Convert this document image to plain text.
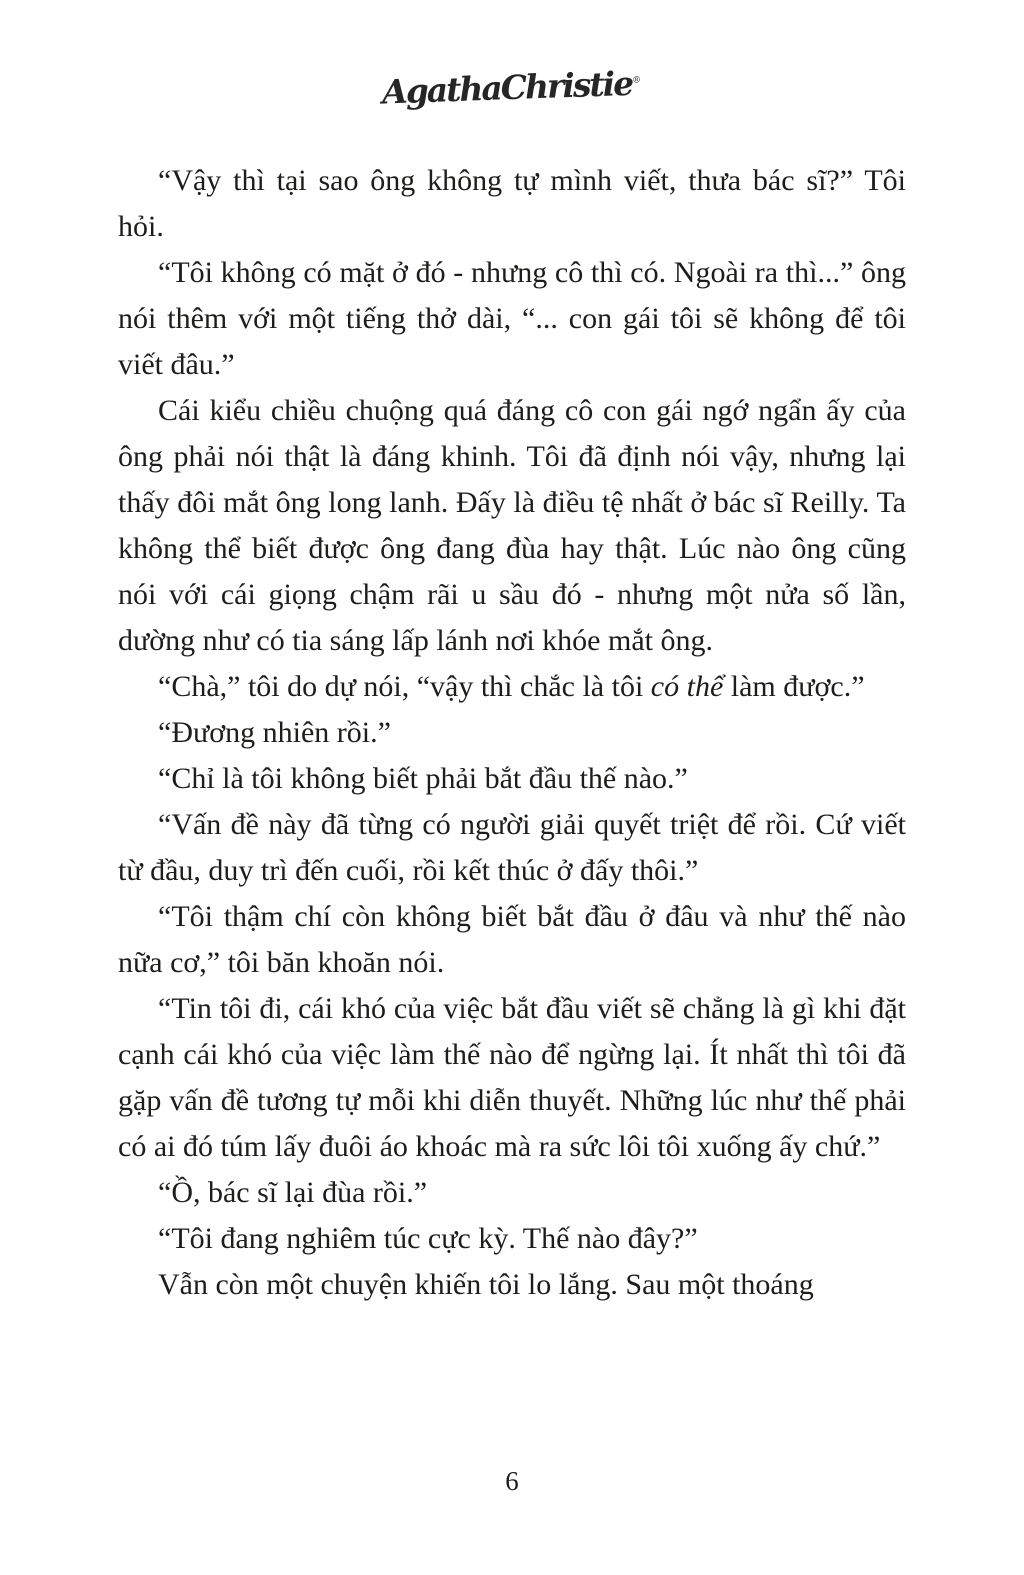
AgathaChristie®

“Vậy thì tại sao ông không tự mình viết, thưa bác sĩ?” Tôi hỏi.

“Tôi không có mặt ở đó - nhưng cô thì có. Ngoài ra thì...” ông nói thêm với một tiếng thở dài, “... con gái tôi sẽ không để tôi viết đâu.”

Cái kiểu chiều chuộng quá đáng cô con gái ngớ ngẩn ấy của ông phải nói thật là đáng khinh. Tôi đã định nói vậy, nhưng lại thấy đôi mắt ông long lanh. Đấy là điều tệ nhất ở bác sĩ Reilly. Ta không thể biết được ông đang đùa hay thật. Lúc nào ông cũng nói với cái giọng chậm rãi u sầu đó - nhưng một nửa số lần, dường như có tia sáng lấp lánh nơi khóe mắt ông.

“Chà,” tôi do dự nói, “vậy thì chắc là tôi có thể làm được.”

“Đương nhiên rồi.”

“Chỉ là tôi không biết phải bắt đầu thế nào.”

“Vấn đề này đã từng có người giải quyết triệt để rồi. Cứ viết từ đầu, duy trì đến cuối, rồi kết thúc ở đấy thôi.”

“Tôi thậm chí còn không biết bắt đầu ở đâu và như thế nào nữa cơ,” tôi băn khoăn nói.

“Tin tôi đi, cái khó của việc bắt đầu viết sẽ chẳng là gì khi đặt cạnh cái khó của việc làm thế nào để ngừng lại. Ít nhất thì tôi đã gặp vấn đề tương tự mỗi khi diễn thuyết. Những lúc như thế phải có ai đó túm lấy đuôi áo khoác mà ra sức lôi tôi xuống ấy chứ.”

“Ồ, bác sĩ lại đùa rồi.”

“Tôi đang nghiêm túc cực kỳ. Thế nào đây?”

Vẫn còn một chuyện khiến tôi lo lắng. Sau một thoáng

6
